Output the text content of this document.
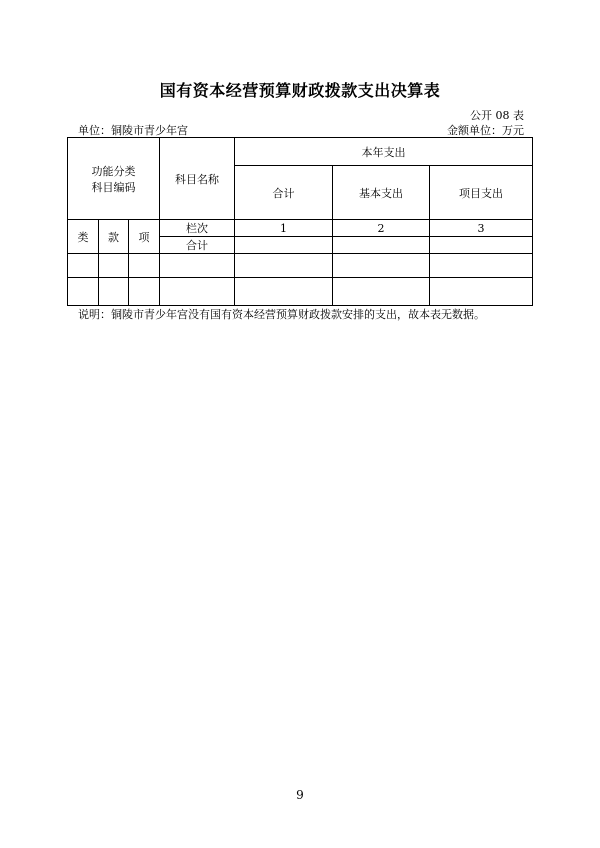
国有资本经营预算财政拨款支出决算表
公开 08 表
单位：铜陵市青少年宫	金额单位：万元
功能分类
科目编码			科目名称	本年支出		
				合计	基本支出	项目支出
类	款	项	栏次	1	2	3
			合计			

说明：铜陵市青少年宫没有国有资本经营预算财政拨款安排的支出，故本表无数据。
9
